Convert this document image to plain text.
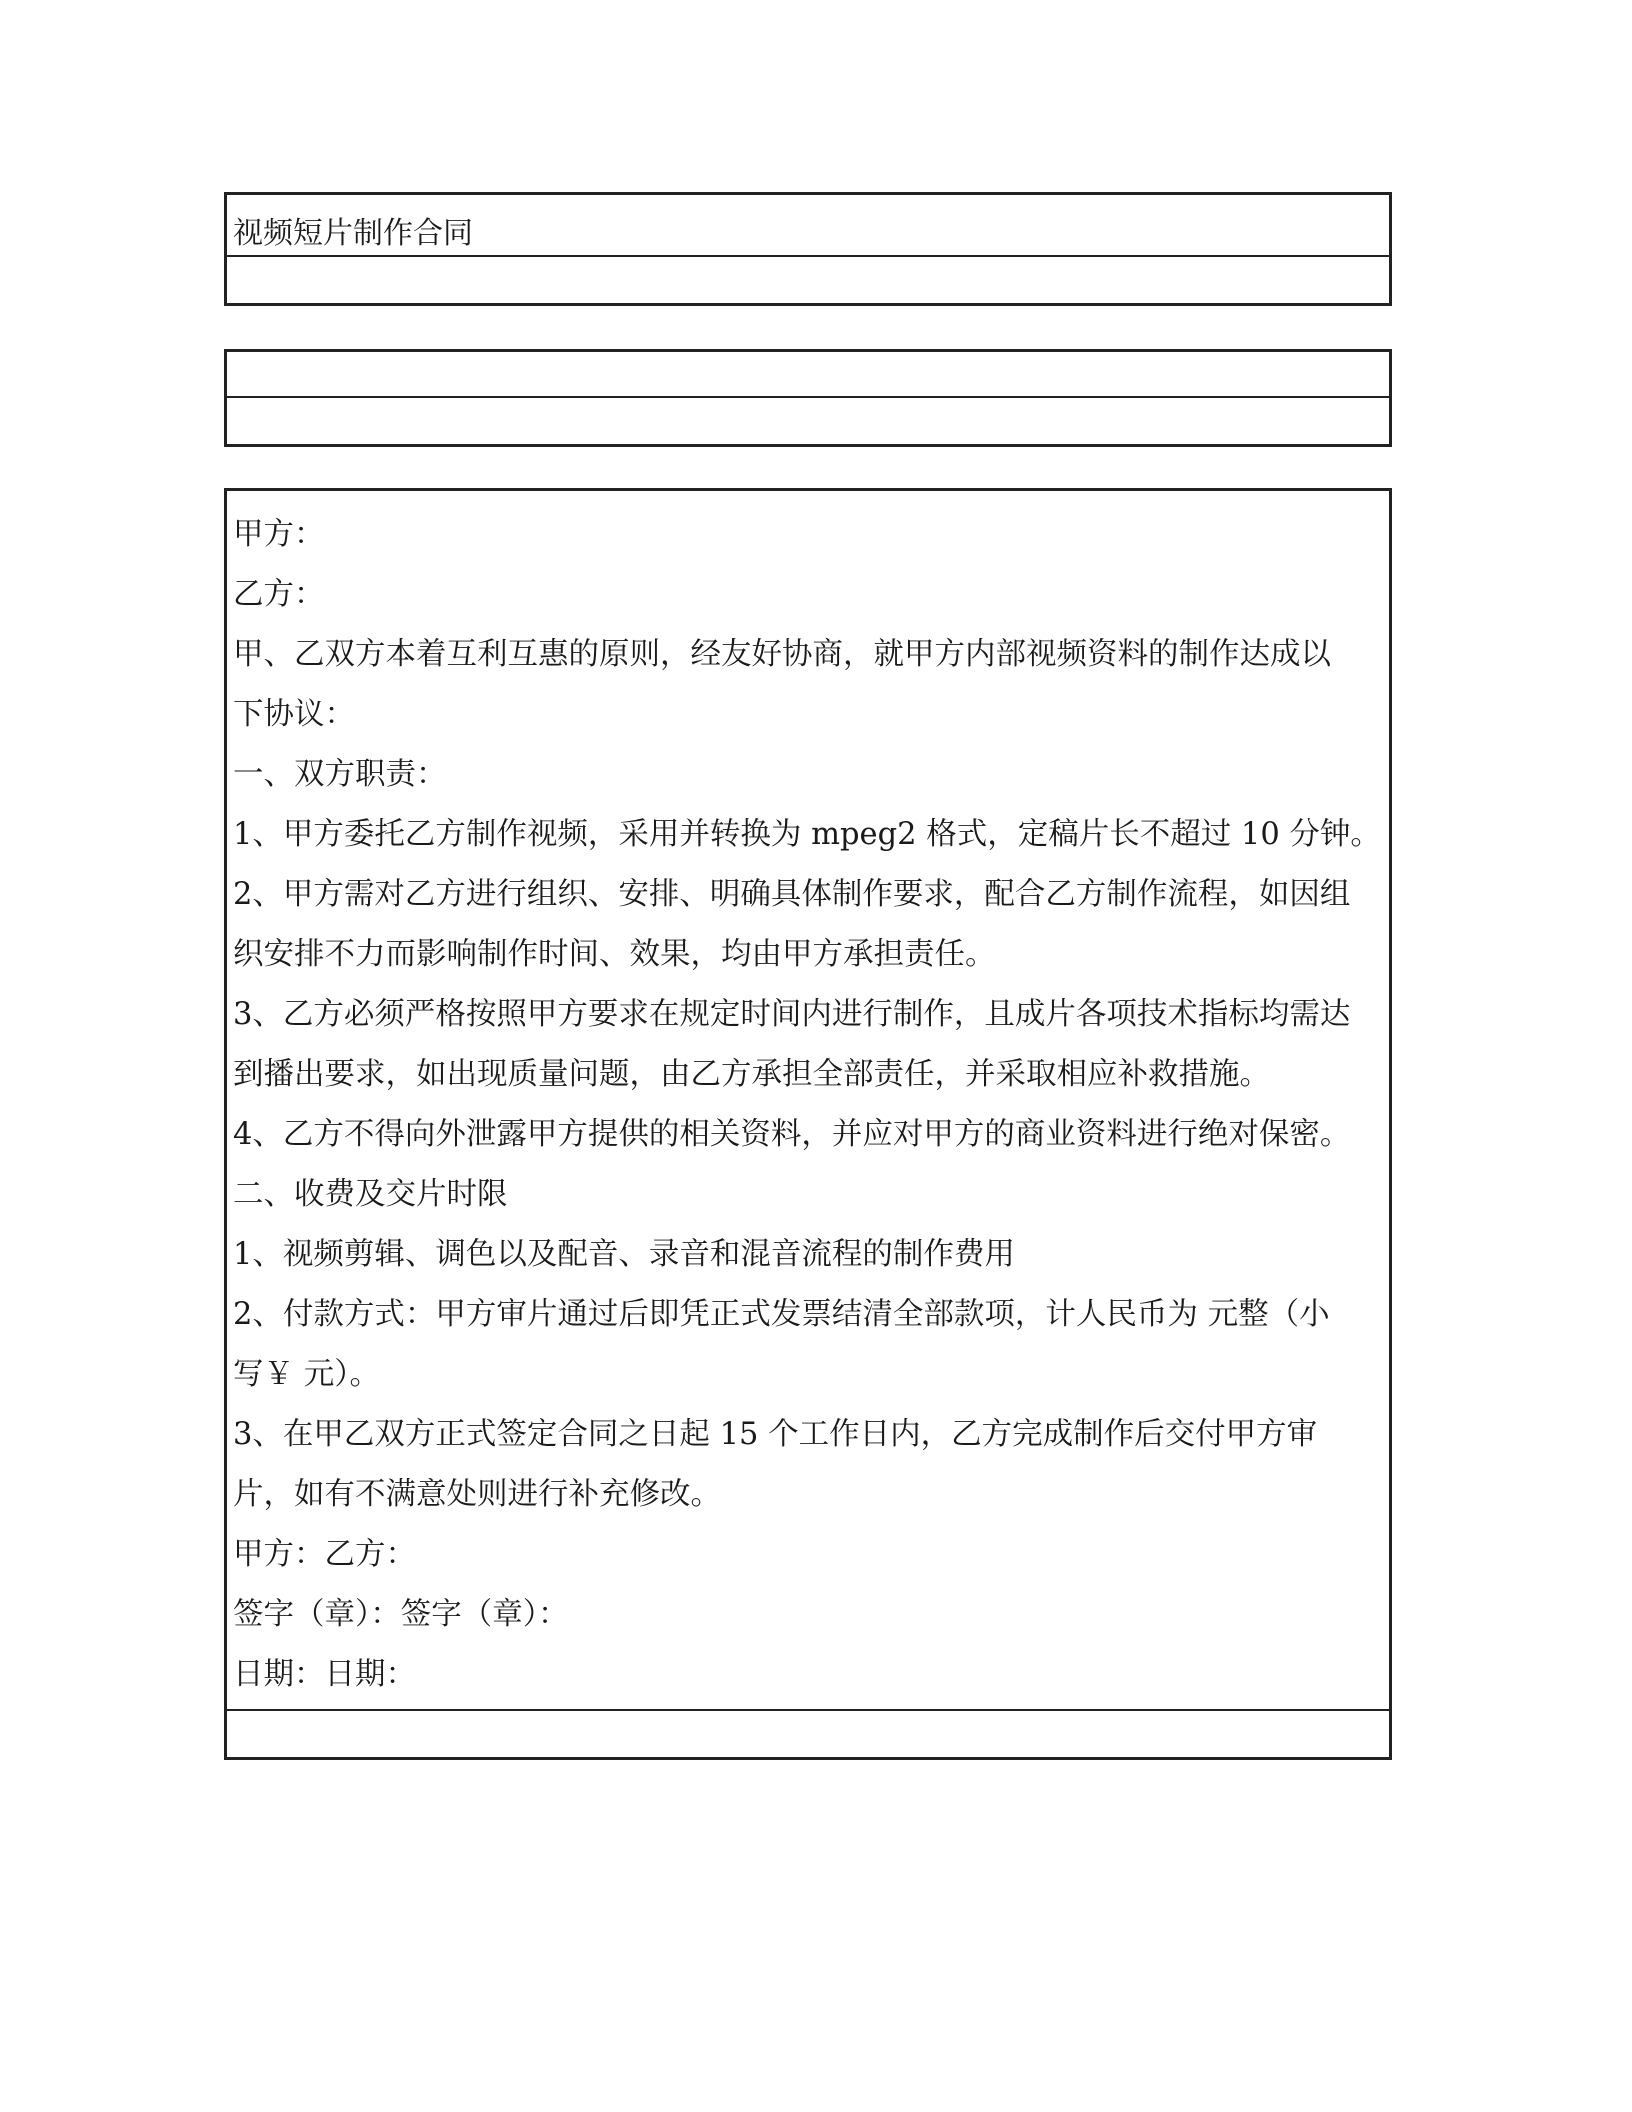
视频短片制作合同
甲方：
乙方：
甲、乙双方本着互利互惠的原则，经友好协商，就甲方内部视频资料的制作达成以
下协议：
一、双方职责：
1、甲方委托乙方制作视频，采用并转换为 mpeg2 格式，定稿片长不超过 10 分钟。
2、甲方需对乙方进行组织、安排、明确具体制作要求，配合乙方制作流程，如因组
织安排不力而影响制作时间、效果，均由甲方承担责任。
3、乙方必须严格按照甲方要求在规定时间内进行制作，且成片各项技术指标均需达
到播出要求，如出现质量问题，由乙方承担全部责任，并采取相应补救措施。
4、乙方不得向外泄露甲方提供的相关资料，并应对甲方的商业资料进行绝对保密。
二、收费及交片时限
1、视频剪辑、调色以及配音、录音和混音流程的制作费用
2、付款方式：甲方审片通过后即凭正式发票结清全部款项，计人民币为 元整（小
写￥ 元）。
3、在甲乙双方正式签定合同之日起 15 个工作日内，乙方完成制作后交付甲方审
片，如有不满意处则进行补充修改。
甲方：乙方：
签字（章）：签字（章）：
日期：日期：
